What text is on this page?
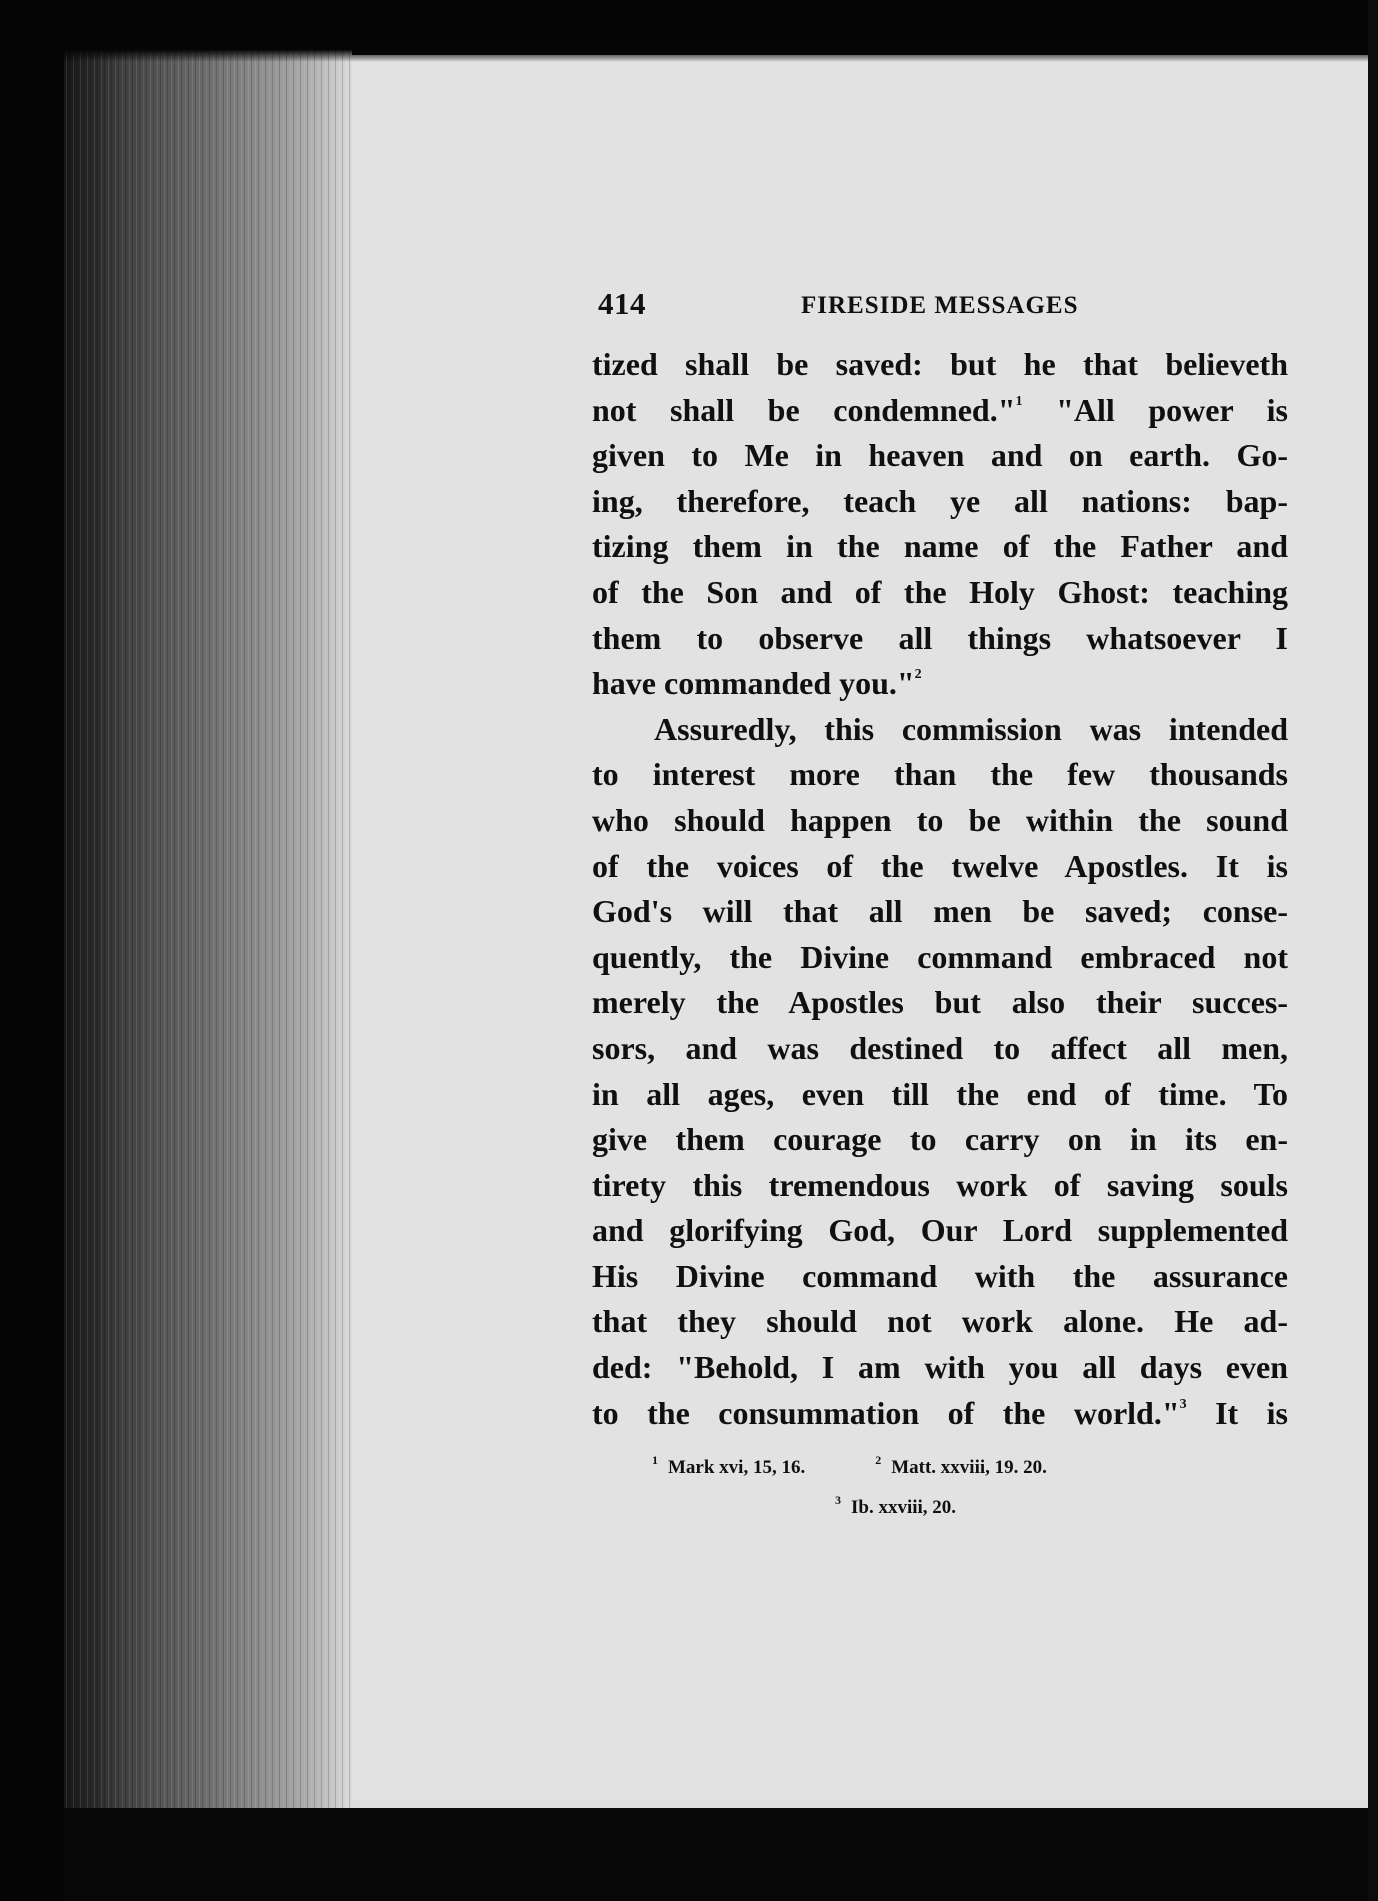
414	FIRESIDE MESSAGES
tized shall be saved: but he that believeth
not shall be condemned."$^1$ "All power is
given to Me in heaven and on earth. Go-
ing, therefore, teach ye all nations: bap-
tizing them in the name of the Father and
of the Son and of the Holy Ghost: teaching
them to observe all things whatsoever I
have commanded you."$^2$
Assuredly, this commission was intended
to interest more than the few thousands
who should happen to be within the sound
of the voices of the twelve Apostles. It is
God's will that all men be saved; conse-
quently, the Divine command embraced not
merely the Apostles but also their succes-
sors, and was destined to affect all men,
in all ages, even till the end of time. To
give them courage to carry on in its en-
tirety this tremendous work of saving souls
and glorifying God, Our Lord supplemented
His Divine command with the assurance
that they should not work alone. He ad-
ded: "Behold, I am with you all days even
to the consummation of the world."$^3$ It is
$^1$ Mark xvi, 15, 16.	$^2$ Matt. xxviii, 19. 20.
$^3$ Ib. xxviii, 20.
